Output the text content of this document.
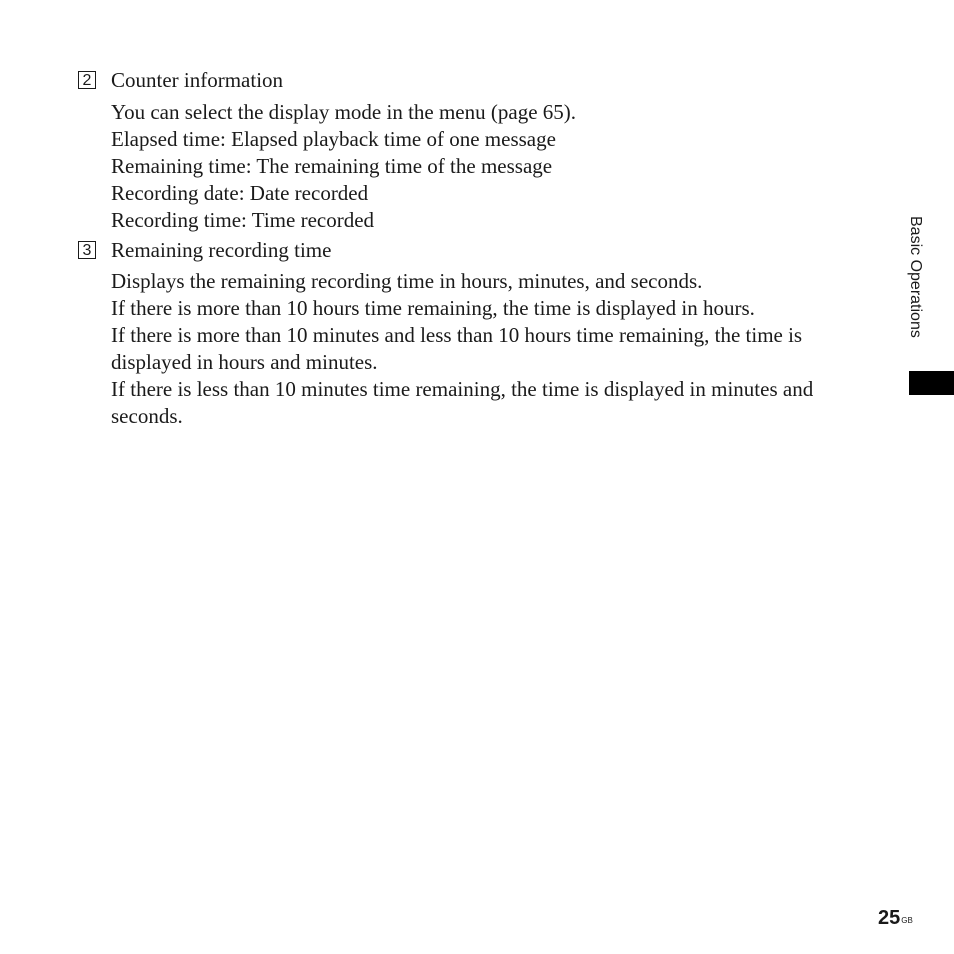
2 Counter information
You can select the display mode in the menu (page 65).
Elapsed time: Elapsed playback time of one message
Remaining time: The remaining time of the message
Recording date: Date recorded
Recording time: Time recorded
3 Remaining recording time
Displays the remaining recording time in hours, minutes, and seconds.
If there is more than 10 hours time remaining, the time is displayed in hours.
If there is more than 10 minutes and less than 10 hours time remaining, the time is
displayed in hours and minutes.
If there is less than 10 minutes time remaining, the time is displayed in minutes and
seconds.
Basic Operations
$25^{GB}$
